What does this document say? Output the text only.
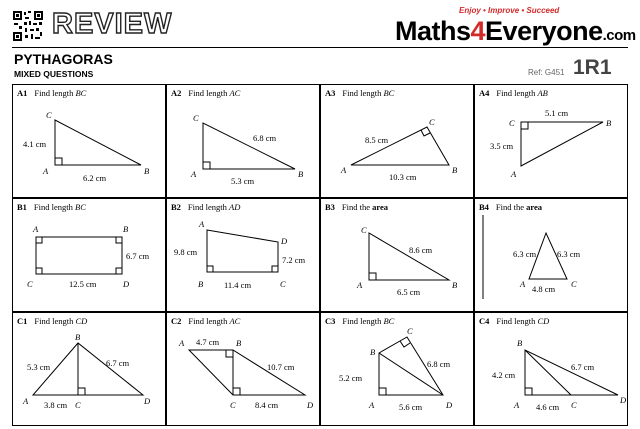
REVIEW	Enjoy • Improve • Succeed
Maths4Everyone.com
PYTHAGORAS
MIXED QUESTIONS	Ref: G451 1R1
A1 Find length BC
C
A	B
4.1 cm
6.2 cm
A2 Find length AC
C
A	B
6.8 cm
5.3 cm
A3 Find length BC
C
A	B
8.5 cm
10.3 cm
A4 Find length AB
C	B
A
5.1 cm
3.5 cm
B1 Find length BC
A	B
C	D
6.7 cm
12.5 cm
B2 Find length AD
A
D
B	C
9.8 cm
7.2 cm
11.4 cm
B3 Find the area
C
A	B
8.6 cm
6.5 cm
B4 Find the area
A	C
6.3 cm 6.3 cm
4.8 cm
C1 Find length CD
B
A	C	D
5.3 cm	6.7 cm
3.8 cm
C2 Find length AC
A	B
C	D
4.7 cm
10.7 cm
8.4 cm
C3 Find length BC
B
C
A	D
6.8 cm
5.2 cm
5.6 cm
C4 Find length CD
B
A	C	D
6.7 cm
4.2 cm
4.6 cm
